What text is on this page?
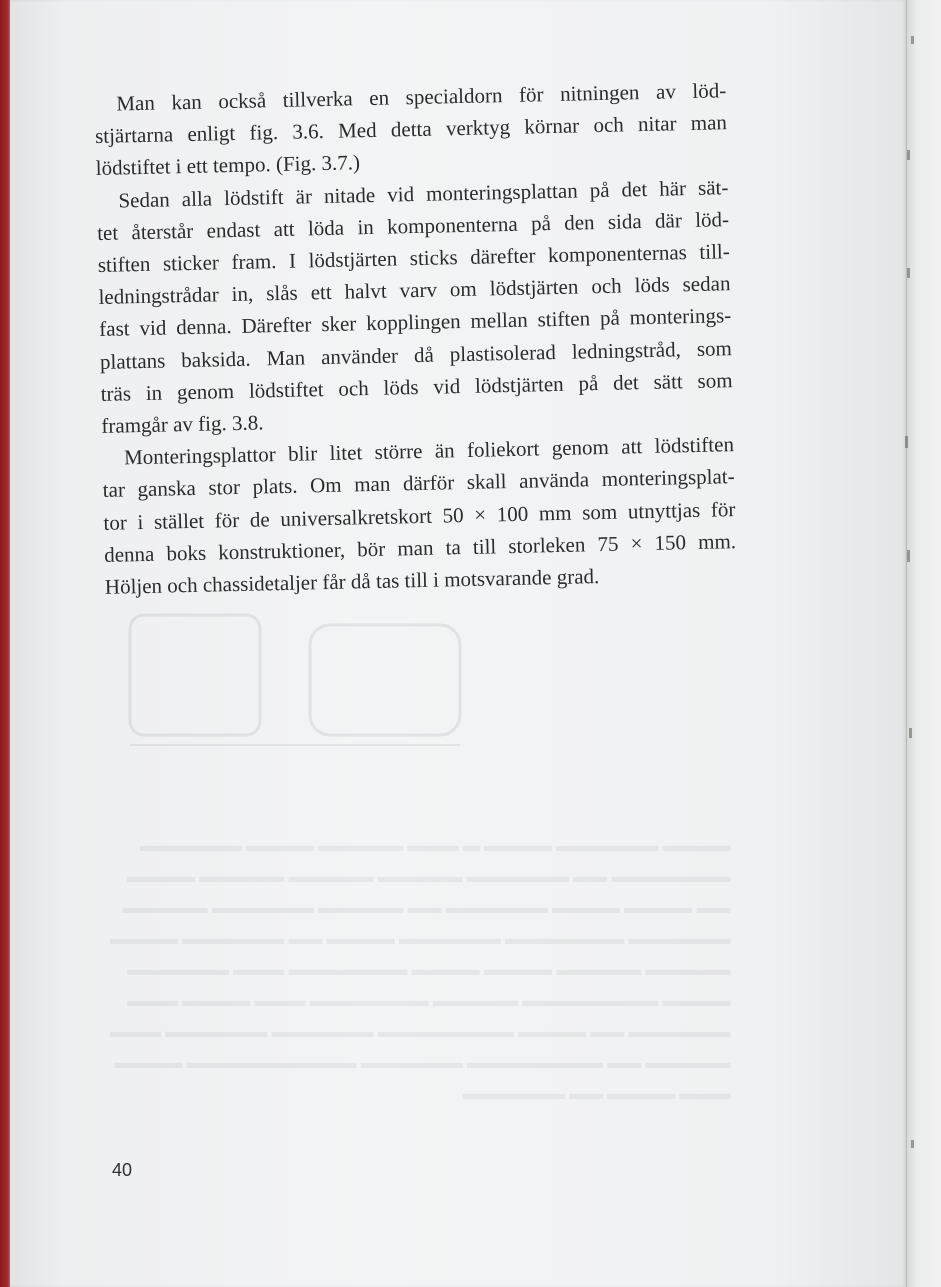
▬▬▬▬ ▬▬▬▬▬▬ ▬▬▬▬ ▬ ▬▬▬ ▬▬▬▬▬ ▬▬▬▬ ▬▬▬▬▬▬
▬▬▬▬▬▬▬ ▬▬ ▬▬▬▬▬▬ ▬▬▬▬▬ ▬▬▬▬▬ ▬▬▬▬▬ ▬▬▬▬
▬▬ ▬▬▬▬ ▬▬▬▬ ▬▬▬▬▬▬ ▬▬ ▬▬▬▬▬ ▬▬▬▬▬▬ ▬▬▬▬▬
▬▬▬▬▬▬ ▬▬▬▬▬▬▬ ▬▬▬▬▬▬ ▬▬▬▬ ▬▬ ▬▬▬▬▬▬ ▬▬▬▬
▬▬▬▬▬ ▬▬▬▬▬ ▬▬▬▬ ▬▬▬▬ ▬▬▬▬▬▬▬ ▬▬▬ ▬▬▬▬▬▬
▬▬▬▬ ▬▬▬▬▬▬▬▬ ▬▬▬▬▬ ▬▬▬▬▬▬▬ ▬▬▬ ▬▬▬▬ ▬▬▬
▬▬▬▬▬▬ ▬▬ ▬▬▬▬ ▬▬▬▬▬▬▬▬ ▬▬▬▬▬▬ ▬▬▬▬▬▬ ▬▬▬
▬▬▬▬▬ ▬▬ ▬▬▬▬▬▬▬▬ ▬▬▬▬▬▬ ▬▬▬▬▬▬▬▬▬▬ ▬▬▬▬
▬▬▬ ▬▬▬▬ ▬▬ ▬▬▬▬▬▬

Man kan också tillverka en specialdorn för nitningen av löd-
stjärtarna enligt fig. 3.6. Med detta verktyg körnar och nitar man
lödstiftet i ett tempo. (Fig. 3.7.)

Sedan alla lödstift är nitade vid monteringsplattan på det här sät-
tet återstår endast att löda in komponenterna på den sida där löd-
stiften sticker fram. I lödstjärten sticks därefter komponenternas till-
ledningstrådar in, slås ett halvt varv om lödstjärten och löds sedan
fast vid denna. Därefter sker kopplingen mellan stiften på monterings-
plattans baksida. Man använder då plastisolerad ledningstråd, som
träs in genom lödstiftet och löds vid lödstjärten på det sätt som
framgår av fig. 3.8.

Monteringsplattor blir litet större än foliekort genom att lödstiften
tar ganska stor plats. Om man därför skall använda monteringsplat-
tor i stället för de universalkretskort 50 × 100 mm som utnyttjas för
denna boks konstruktioner, bör man ta till storleken 75 × 150 mm.
Höljen och chassidetaljer får då tas till i motsvarande grad.

40
